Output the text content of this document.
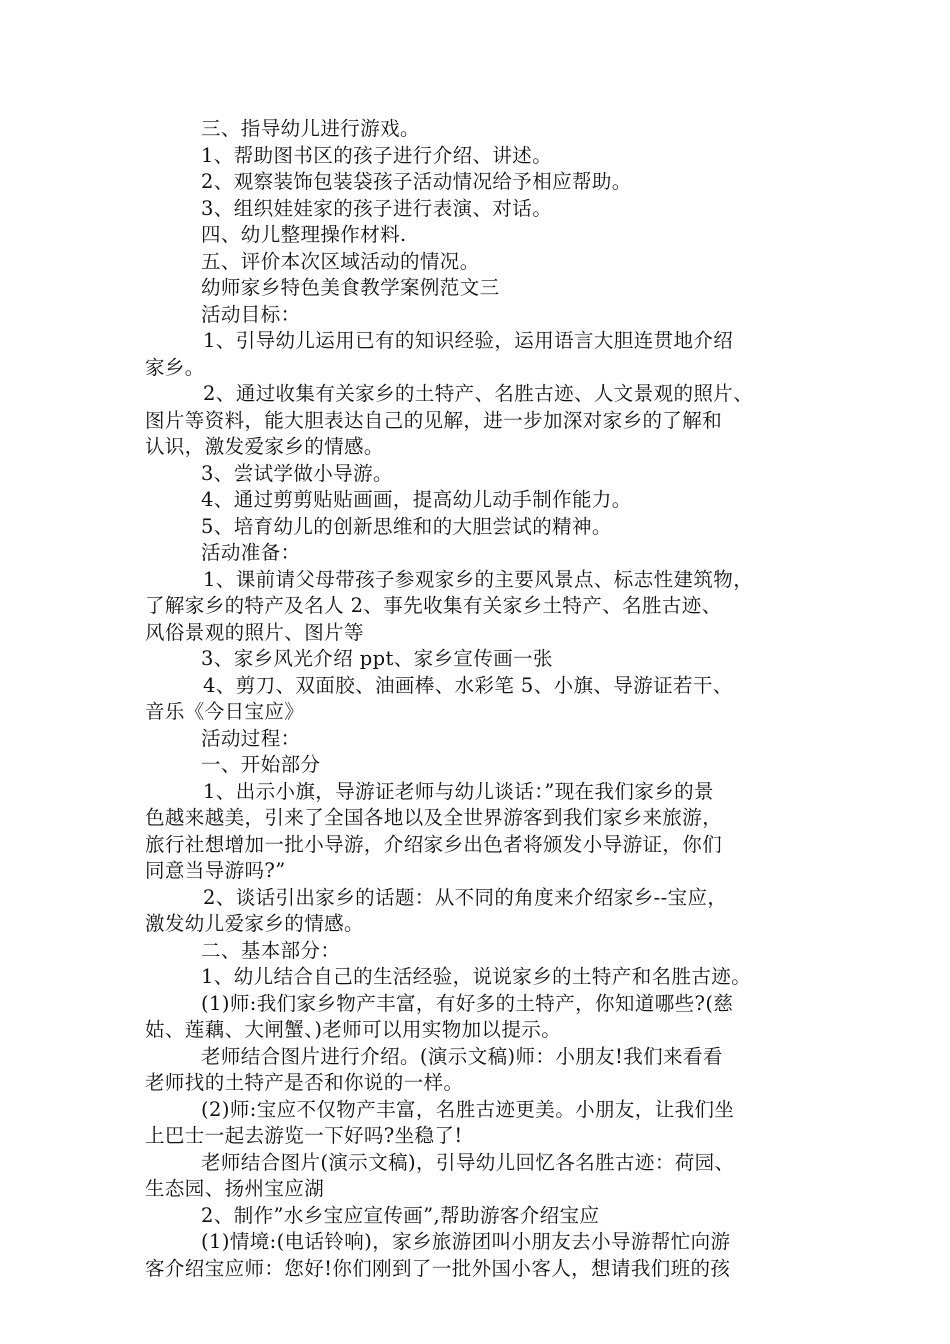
三、指导幼儿进行游戏。
1、帮助图书区的孩子进行介绍、讲述。
2、观察装饰包装袋孩子活动情况给予相应帮助。
3、组织娃娃家的孩子进行表演、对话。
四、幼儿整理操作材料.
五、评价本次区域活动的情况。
幼师家乡特色美食教学案例范文三
活动目标：
1、引导幼儿运用已有的知识经验，运用语言大胆连贯地介绍
家乡。
2、通过收集有关家乡的土特产、名胜古迹、人文景观的照片、
图片等资料，能大胆表达自己的见解，进一步加深对家乡的了解和
认识，激发爱家乡的情感。
3、尝试学做小导游。
4、通过剪剪贴贴画画，提高幼儿动手制作能力。
5、培育幼儿的创新思维和的大胆尝试的精神。
活动准备：
1、课前请父母带孩子参观家乡的主要风景点、标志性建筑物，
了解家乡的特产及名人 2、事先收集有关家乡土特产、名胜古迹、
风俗景观的照片、图片等
3、家乡风光介绍 ppt、家乡宣传画一张
4、剪刀、双面胶、油画棒、水彩笔 5、小旗、导游证若干、
音乐《今日宝应》
活动过程：
一、开始部分
1、出示小旗，导游证老师与幼儿谈话：”现在我们家乡的景
色越来越美，引来了全国各地以及全世界游客到我们家乡来旅游，
旅行社想增加一批小导游，介绍家乡出色者将颁发小导游证，你们
同意当导游吗?”
2、谈话引出家乡的话题：从不同的角度来介绍家乡--宝应，
激发幼儿爱家乡的情感。
二、基本部分：
1、幼儿结合自己的生活经验，说说家乡的土特产和名胜古迹。
(1)师:我们家乡物产丰富，有好多的土特产，你知道哪些?(慈
姑、莲藕、大闸蟹、)老师可以用实物加以提示。
老师结合图片进行介绍。(演示文稿)师：小朋友!我们来看看
老师找的土特产是否和你说的一样。
(2)师:宝应不仅物产丰富，名胜古迹更美。小朋友，让我们坐
上巴士一起去游览一下好吗?坐稳了!
老师结合图片(演示文稿)，引导幼儿回忆各名胜古迹：荷园、
生态园、扬州宝应湖
2、制作”水乡宝应宣传画”,帮助游客介绍宝应
(1)情境:(电话铃响)，家乡旅游团叫小朋友去小导游帮忙向游
客介绍宝应师：您好!你们刚到了一批外国小客人，想请我们班的孩
